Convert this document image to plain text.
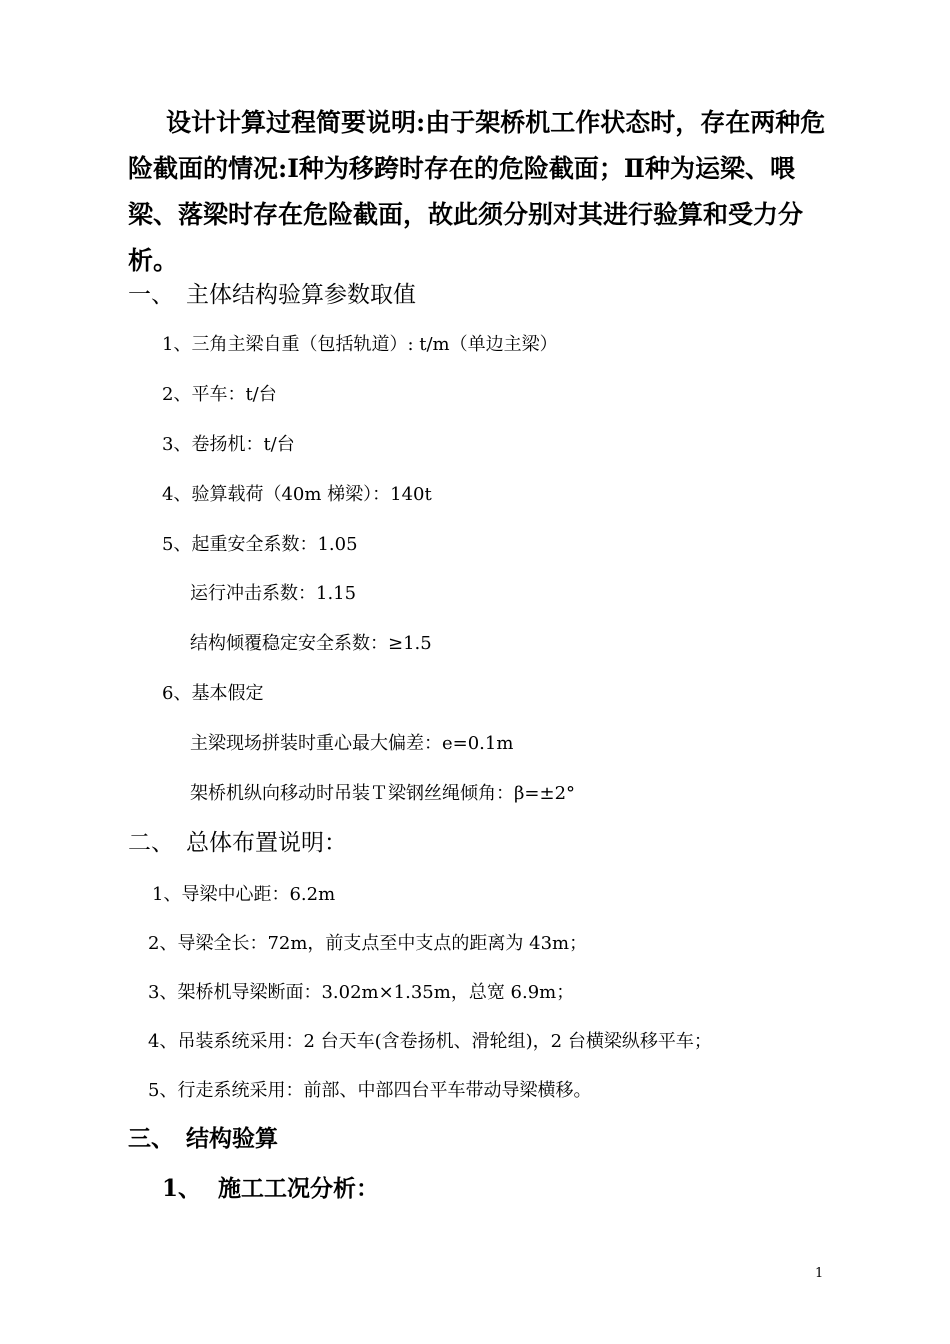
设计计算过程简要说明:由于架桥机工作状态时，存在两种危险截面的情况:Ⅰ种为移跨时存在的危险截面；Ⅱ种为运梁、喂梁、落梁时存在危险截面，故此须分别对其进行验算和受力分析。

一、 主体结构验算参数取值

1、三角主梁自重（包括轨道）: t/m（单边主梁）

2、平车：t/台

3、卷扬机：t/台

4、验算载荷（40m 梯梁）：140t

5、起重安全系数：1.05

运行冲击系数：1.15

结构倾覆稳定安全系数：≥1.5

6、基本假定

主梁现场拼装时重心最大偏差：e=0.1m

架桥机纵向移动时吊装Ｔ梁钢丝绳倾角：β=±2°

二、 总体布置说明：

1、导梁中心距：6.2m

2、导梁全长：72m，前支点至中支点的距离为 43m；

3、架桥机导梁断面：3.02m×1.35m，总宽 6.9m；

4、吊装系统采用：2 台天车(含卷扬机、滑轮组)，2 台横梁纵移平车；

5、行走系统采用：前部、中部四台平车带动导梁横移。

三、 结构验算
1、 施工工况分析：
1
